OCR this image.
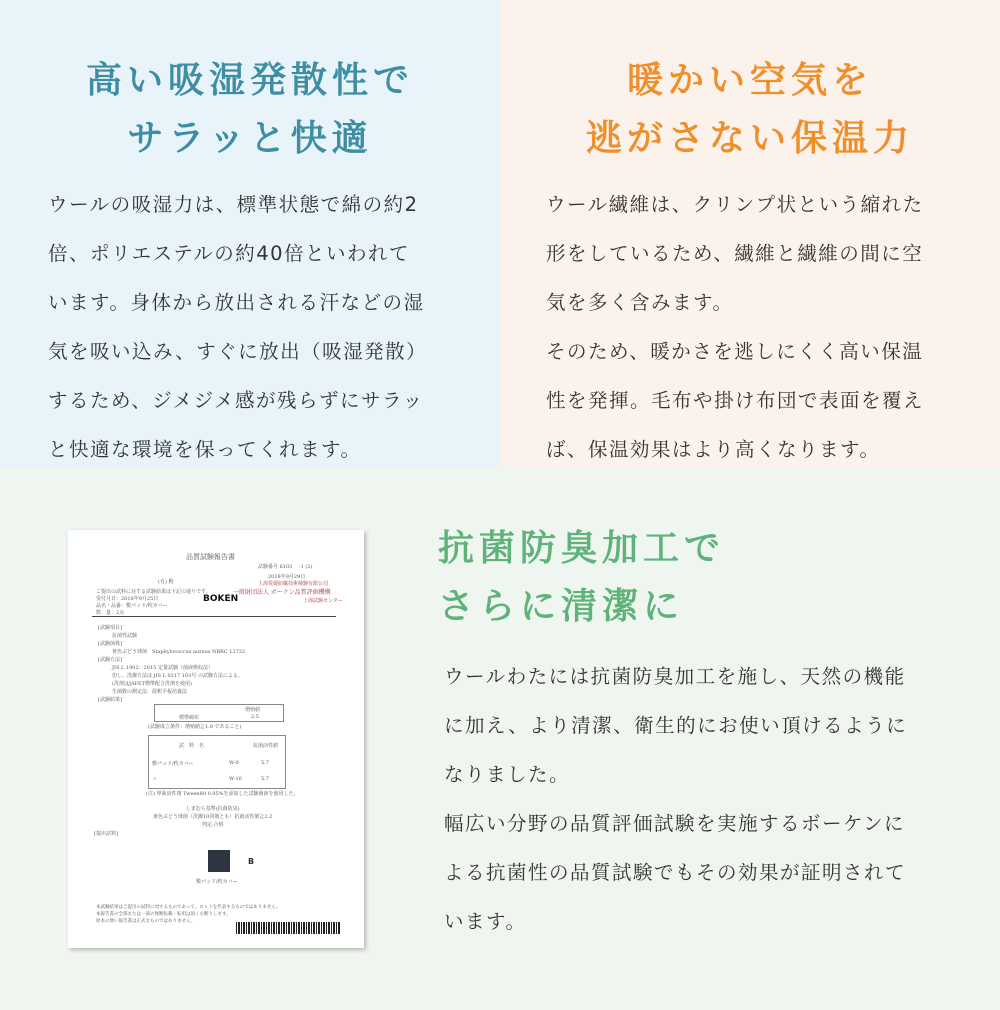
高い吸湿発散性で
サラッと快適
ウールの吸湿力は、標準状態で綿の約2
倍、ポリエステルの約40倍といわれて
います。身体から放出される汗などの湿
気を吸い込み、すぐに放出（吸湿発散）
するため、ジメジメ感が残らずにサラッ
と快適な環境を保ってくれます。
暖かい空気を
逃がさない保温力
ウール繊維は、クリンプ状という縮れた
形をしているため、繊維と繊維の間に空
気を多く含みます。
そのため、暖かさを逃しにくく高い保温
性を発揮。毛布や掛け布団で表面を覆え
ば、保温効果はより高くなります。
抗菌防臭加工で
さらに清潔に
ウールわたには抗菌防臭加工を施し、天然の機能
に加え、より清潔、衛生的にお使い頂けるように
なりました。
幅広い分野の品質評価試験を実施するボーケンに
よる抗菌性の品質試験でもその効果が証明されて
います。
品質試験報告書
試験番号 6103　 -1 (2)
2018年9月29日
(有) 殿	上海愛麗紡織技術検験有限公司
一般財団法人 ボーケン品質評価機構
BOKEN	上海試験センター
ご提出の試料に対する試験結果は下記の通りです。
受付月日：2018年9月25日
品名・品番：敷パッド/枕カバー
数　量：2点
[試験項目]
抗菌性試験
[試験菌株]
黄色ぶどう球菌　Staphylococcus aureus NBRC 12732
[試験方法]
JIS L 1902：2015 定量試験（菌液吸収法）
但し、洗濯方法は JIS L 0217 103号 の試験方法による。
(洗剤はJAFET標準配合洗剤を使用)
生菌数の測定法：混釈平板培養法
[試験結果]
増殖値
標準綿布	2.5
(試験成立条件：増殖値≧1.0 であること)
試　料　名	抗菌活性値
敷パッド/枕カバー	W-0	5.7
〃	W-10	5.7
(注) 界面活性剤 Tween80 0.05%を添加した試験菌液を使用した。
しまむら基準(抗菌防臭)
黄色ぶどう球菌（洗濯10回後とも）抗菌活性値≧2.2
判定:合格
[提出試料]
B
敷パッド/枕カバー
本試験結果はご提出の試料に対するものであって、ロットを代表するものではありません。
本報告書の全部または一部の無断転載・転用は固くお断りします。
原本の無い報告書は正式なものではありません。
